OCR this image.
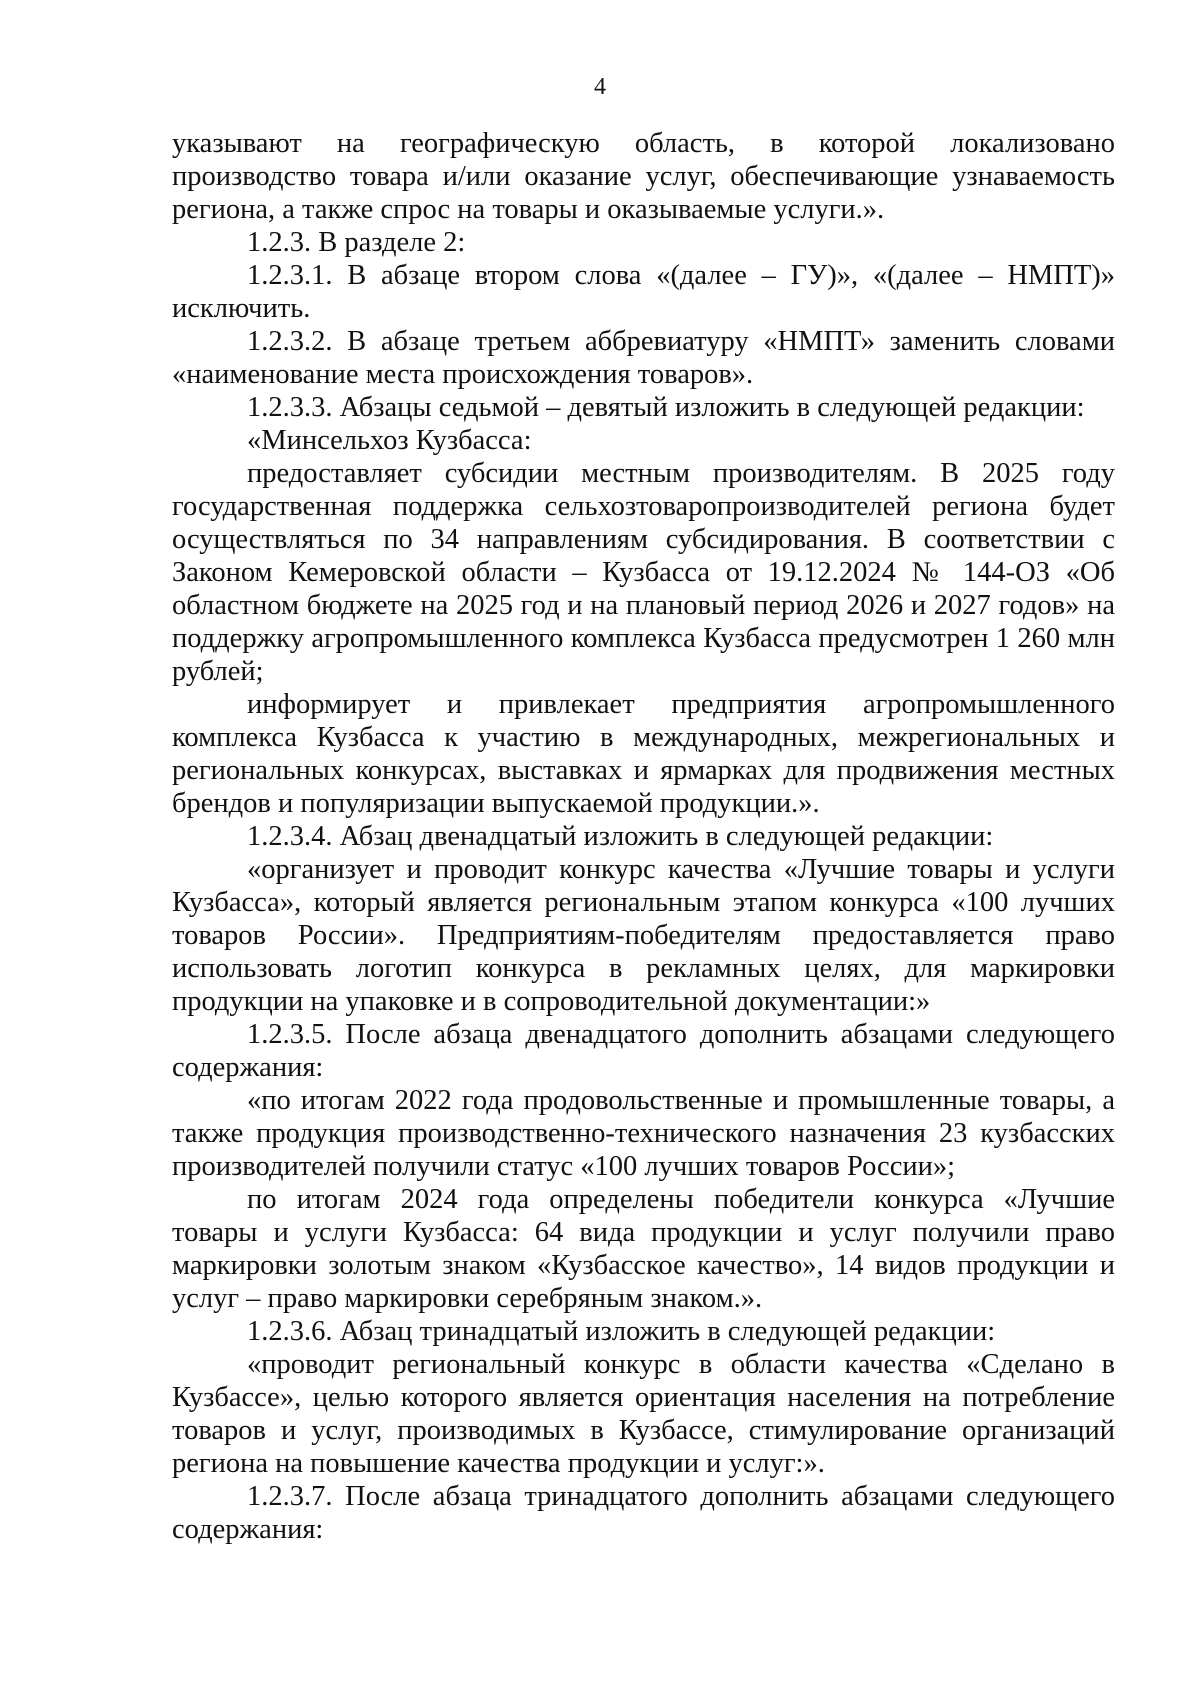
4

указывают на географическую область, в которой локализовано производство товара и/или оказание услуг, обеспечивающие узнаваемость региона, а также спрос на товары и оказываемые услуги.».

1.2.3. В разделе 2:

1.2.3.1. В абзаце втором слова «(далее – ГУ)», «(далее – НМПТ)» исключить.

1.2.3.2. В абзаце третьем аббревиатуру «НМПТ» заменить словами «наименование места происхождения товаров».

1.2.3.3. Абзацы седьмой – девятый изложить в следующей редакции:

«Минсельхоз Кузбасса:

предоставляет субсидии местным производителям. В 2025 году государственная поддержка сельхозтоваропроизводителей региона будет осуществляться по 34 направлениям субсидирования. В соответствии с Законом Кемеровской области – Кузбасса от 19.12.2024 № 144-ОЗ «Об областном бюджете на 2025 год и на плановый период 2026 и 2027 годов» на поддержку агропромышленного комплекса Кузбасса предусмотрен 1 260 млн рублей;

информирует и привлекает предприятия агропромышленного комплекса Кузбасса к участию в международных, межрегиональных и региональных конкурсах, выставках и ярмарках для продвижения местных брендов и популяризации выпускаемой продукции.».

1.2.3.4. Абзац двенадцатый изложить в следующей редакции:

«организует и проводит конкурс качества «Лучшие товары и услуги Кузбасса», который является региональным этапом конкурса «100 лучших товаров России». Предприятиям-победителям предоставляется право использовать логотип конкурса в рекламных целях, для маркировки продукции на упаковке и в сопроводительной документации:»

1.2.3.5. После абзаца двенадцатого дополнить абзацами следующего содержания:

«по итогам 2022 года продовольственные и промышленные товары, а также продукция производственно-технического назначения 23 кузбасских производителей получили статус «100 лучших товаров России»;

по итогам 2024 года определены победители конкурса «Лучшие товары и услуги Кузбасса: 64 вида продукции и услуг получили право маркировки золотым знаком «Кузбасское качество», 14 видов продукции и услуг – право маркировки серебряным знаком.».

1.2.3.6. Абзац тринадцатый изложить в следующей редакции:

«проводит региональный конкурс в области качества «Сделано в Кузбассе», целью которого является ориентация населения на потребление товаров и услуг, производимых в Кузбассе, стимулирование организаций региона на повышение качества продукции и услуг:».

1.2.3.7. После абзаца тринадцатого дополнить абзацами следующего содержания:
